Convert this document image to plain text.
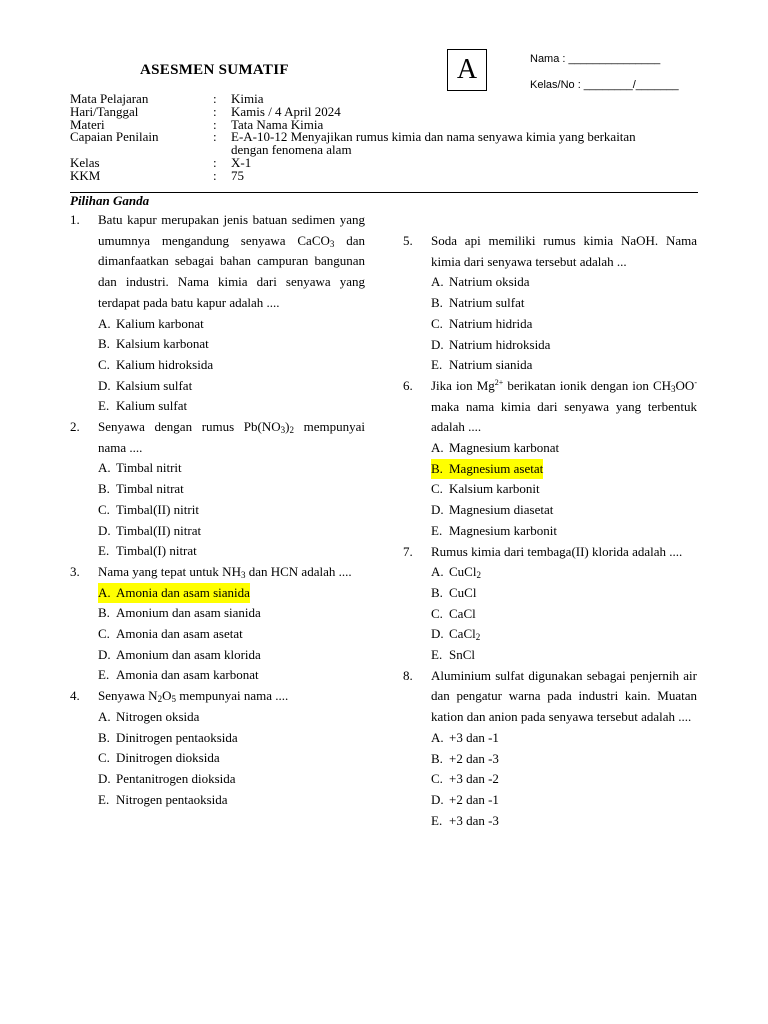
ASESMEN SUMATIF	A	Nama : _______________
Kelas/No : ________/_______
Mata Pelajaran	:	Kimia
Hari/Tanggal	:	Kamis / 4 April 2024
Materi	:	Tata Nama Kimia
Capaian Penilain	:	E-A-10-12 Menyajikan rumus kimia dan nama senyawa kimia yang berkaitan dengan fenomena alam
Kelas	:	X-1
KKM	:	75
Pilihan Ganda
1.	Batu kapur merupakan jenis batuan sedimen yang umumnya mengandung senyawa CaCO$_3$ dan dimanfaatkan sebagai bahan campuran bangunan dan industri. Nama kimia dari senyawa yang terdapat pada batu kapur adalah ....
A. Kalium karbonat
B. Kalsium karbonat
C. Kalium hidroksida
D. Kalsium sulfat
E. Kalium sulfat
2.	Senyawa dengan rumus $Pb(NO_3)_2$ mempunyai nama ....
A. Timbal nitrit
B. Timbal nitrat
C. Timbal(II) nitrit
D. Timbal(II) nitrat
E. Timbal(I) nitrat
3.	Nama yang tepat untuk $NH_3$ dan HCN adalah ....
A. Amonia dan asam sianida
B. Amonium dan asam sianida
C. Amonia dan asam asetat
D. Amonium dan asam klorida
E. Amonia dan asam karbonat
4.	Senyawa $N_2O_5$ mempunyai nama ....
A. Nitrogen oksida
B. Dinitrogen pentaoksida
C. Dinitrogen dioksida
D. Pentanitrogen dioksida
E. Nitrogen pentaoksida
5.	Soda api memiliki rumus kimia NaOH. Nama kimia dari senyawa tersebut adalah ...
A. Natrium oksida
B. Natrium sulfat
C. Natrium hidrida
D. Natrium hidroksida
E. Natrium sianida
6.	Jika ion $Mg^{2+}$ berikatan ionik dengan ion $CH_3OO^-$ maka nama kimia dari senyawa yang terbentuk adalah ....
A. Magnesium karbonat
B. Magnesium asetat
C. Kalsium karbonit
D. Magnesium diasetat
E. Magnesium karbonit
7.	Rumus kimia dari tembaga(II) klorida adalah ....
A. CuCl$_2$
B. CuCl
C. CaCl
D. CaCl$_2$
E. SnCl
8.	Aluminium sulfat digunakan sebagai penjernih air dan pengatur warna pada industri kain. Muatan kation dan anion pada senyawa tersebut adalah ....
A. +3 dan -1
B. +2 dan -3
C. +3 dan -2
D. +2 dan -1
E. +3 dan -3
